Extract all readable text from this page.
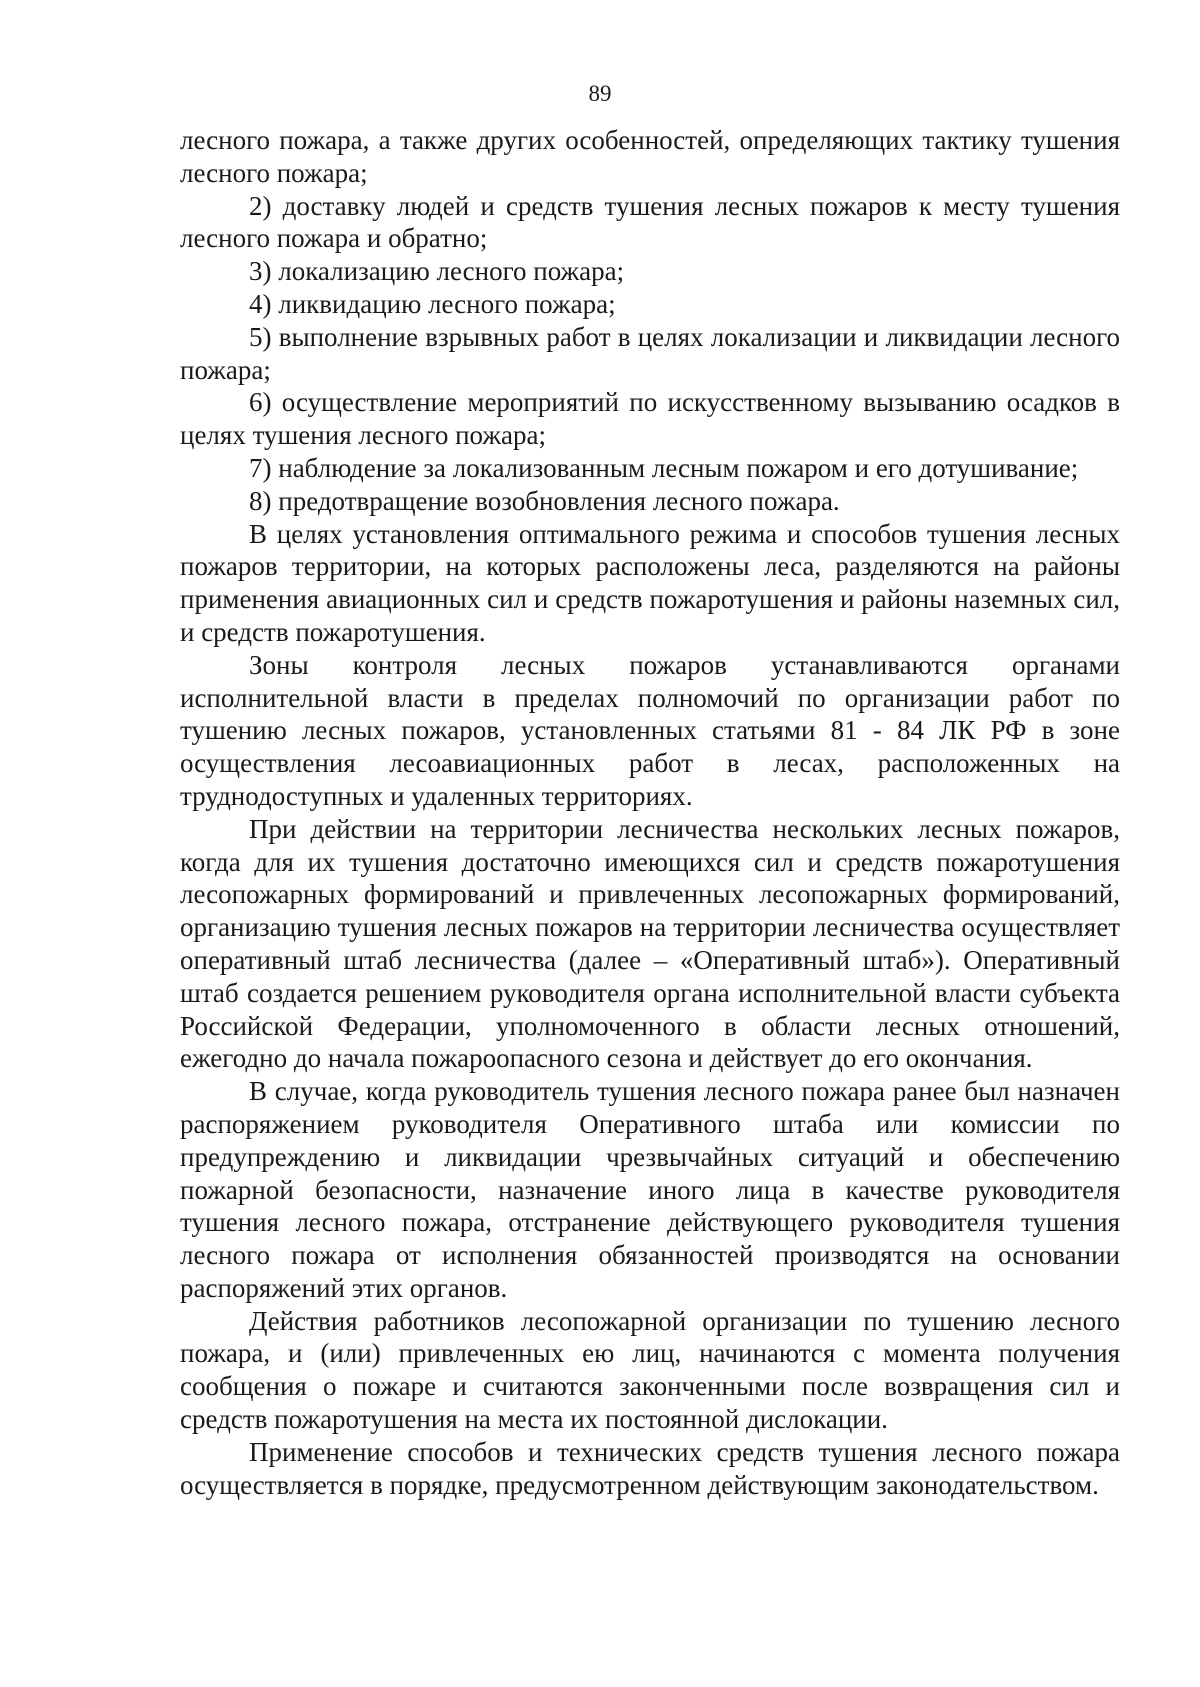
89

лесного пожара, а также других особенностей, определяющих тактику тушения лесного пожара;

2) доставку людей и средств тушения лесных пожаров к месту тушения лесного пожара и обратно;

3) локализацию лесного пожара;

4) ликвидацию лесного пожара;

5) выполнение взрывных работ в целях локализации и ликвидации лесного пожара;

6) осуществление мероприятий по искусственному вызыванию осадков в целях тушения лесного пожара;

7) наблюдение за локализованным лесным пожаром и его дотушивание;

8) предотвращение возобновления лесного пожара.

В целях установления оптимального режима и способов тушения лесных пожаров территории, на которых расположены леса, разделяются на районы применения авиационных сил и средств пожаротушения и районы наземных сил, и средств пожаротушения.

Зоны контроля лесных пожаров устанавливаются органами исполнительной власти в пределах полномочий по организации работ по тушению лесных пожаров, установленных статьями 81 - 84 ЛК РФ в зоне осуществления лесоавиационных работ в лесах, расположенных на труднодоступных и удаленных территориях.

При действии на территории лесничества нескольких лесных пожаров, когда для их тушения достаточно имеющихся сил и средств пожаротушения лесопожарных формирований и привлеченных лесопожарных формирований, организацию тушения лесных пожаров на территории лесничества осуществляет оперативный штаб лесничества (далее – «Оперативный штаб»). Оперативный штаб создается решением руководителя органа исполнительной власти субъекта Российской Федерации, уполномоченного в области лесных отношений, ежегодно до начала пожароопасного сезона и действует до его окончания.

В случае, когда руководитель тушения лесного пожара ранее был назначен распоряжением руководителя Оперативного штаба или комиссии по предупреждению и ликвидации чрезвычайных ситуаций и обеспечению пожарной безопасности, назначение иного лица в качестве руководителя тушения лесного пожара, отстранение действующего руководителя тушения лесного пожара от исполнения обязанностей производятся на основании распоряжений этих органов.

Действия работников лесопожарной организации по тушению лесного пожара, и (или) привлеченных ею лиц, начинаются с момента получения сообщения о пожаре и считаются законченными после возвращения сил и средств пожаротушения на места их постоянной дислокации.

Применение способов и технических средств тушения лесного пожара осуществляется в порядке, предусмотренном действующим законодательством.
